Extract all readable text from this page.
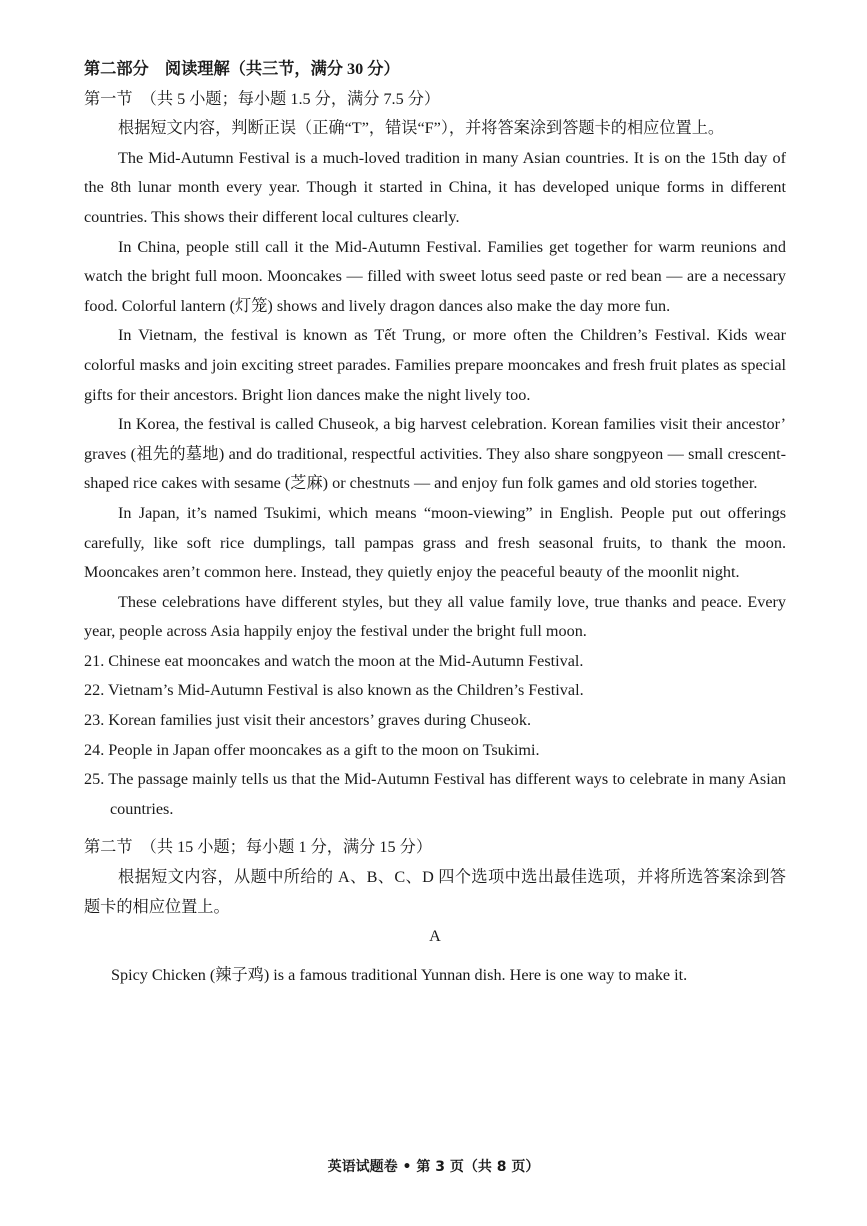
第二部分　阅读理解（共三节，满分 30 分）
第一节　（共 5 小题；每小题 1.5 分，满分 7.5 分）

根据短文内容，判断正误（正确“T”，错误“F”），并将答案涂到答题卡的相应位置上。

The Mid-Autumn Festival is a much-loved tradition in many Asian countries. It is on the 15th day of the 8th lunar month every year. Though it started in China, it has developed unique forms in different countries. This shows their different local cultures clearly.

In China, people still call it the Mid-Autumn Festival. Families get together for warm reunions and watch the bright full moon. Mooncakes — filled with sweet lotus seed paste or red bean — are a necessary food. Colorful lantern (灯笼) shows and lively dragon dances also make the day more fun.

In Vietnam, the festival is known as Tết Trung, or more often the Children’s Festival. Kids wear colorful masks and join exciting street parades. Families prepare mooncakes and fresh fruit plates as special gifts for their ancestors. Bright lion dances make the night lively too.

In Korea, the festival is called Chuseok, a big harvest celebration. Korean families visit their ancestor’ graves (祖先的墓地) and do traditional, respectful activities. They also share songpyeon — small crescent-shaped rice cakes with sesame (芝麻) or chestnuts — and enjoy fun folk games and old stories together.

In Japan, it’s named Tsukimi, which means “moon-viewing” in English. People put out offerings carefully, like soft rice dumplings, tall pampas grass and fresh seasonal fruits, to thank the moon. Mooncakes aren’t common here. Instead, they quietly enjoy the peaceful beauty of the moonlit night.

These celebrations have different styles, but they all value family love, true thanks and peace. Every year, people across Asia happily enjoy the festival under the bright full moon.

21. Chinese eat mooncakes and watch the moon at the Mid-Autumn Festival.

22. Vietnam’s Mid-Autumn Festival is also known as the Children’s Festival.

23. Korean families just visit their ancestors’ graves during Chuseok.

24. People in Japan offer mooncakes as a gift to the moon on Tsukimi.

25. The passage mainly tells us that the Mid-Autumn Festival has different ways to celebrate in many Asian countries.

第二节　（共 15 小题；每小题 1 分，满分 15 分）

根据短文内容，从题中所给的 A、B、C、D 四个选项中选出最佳选项，并将所选答案涂到答题卡的相应位置上。

A

Spicy Chicken (辣子鸡) is a famous traditional Yunnan dish. Here is one way to make it.

英语试题卷 • 第 3 页（共 8 页）
